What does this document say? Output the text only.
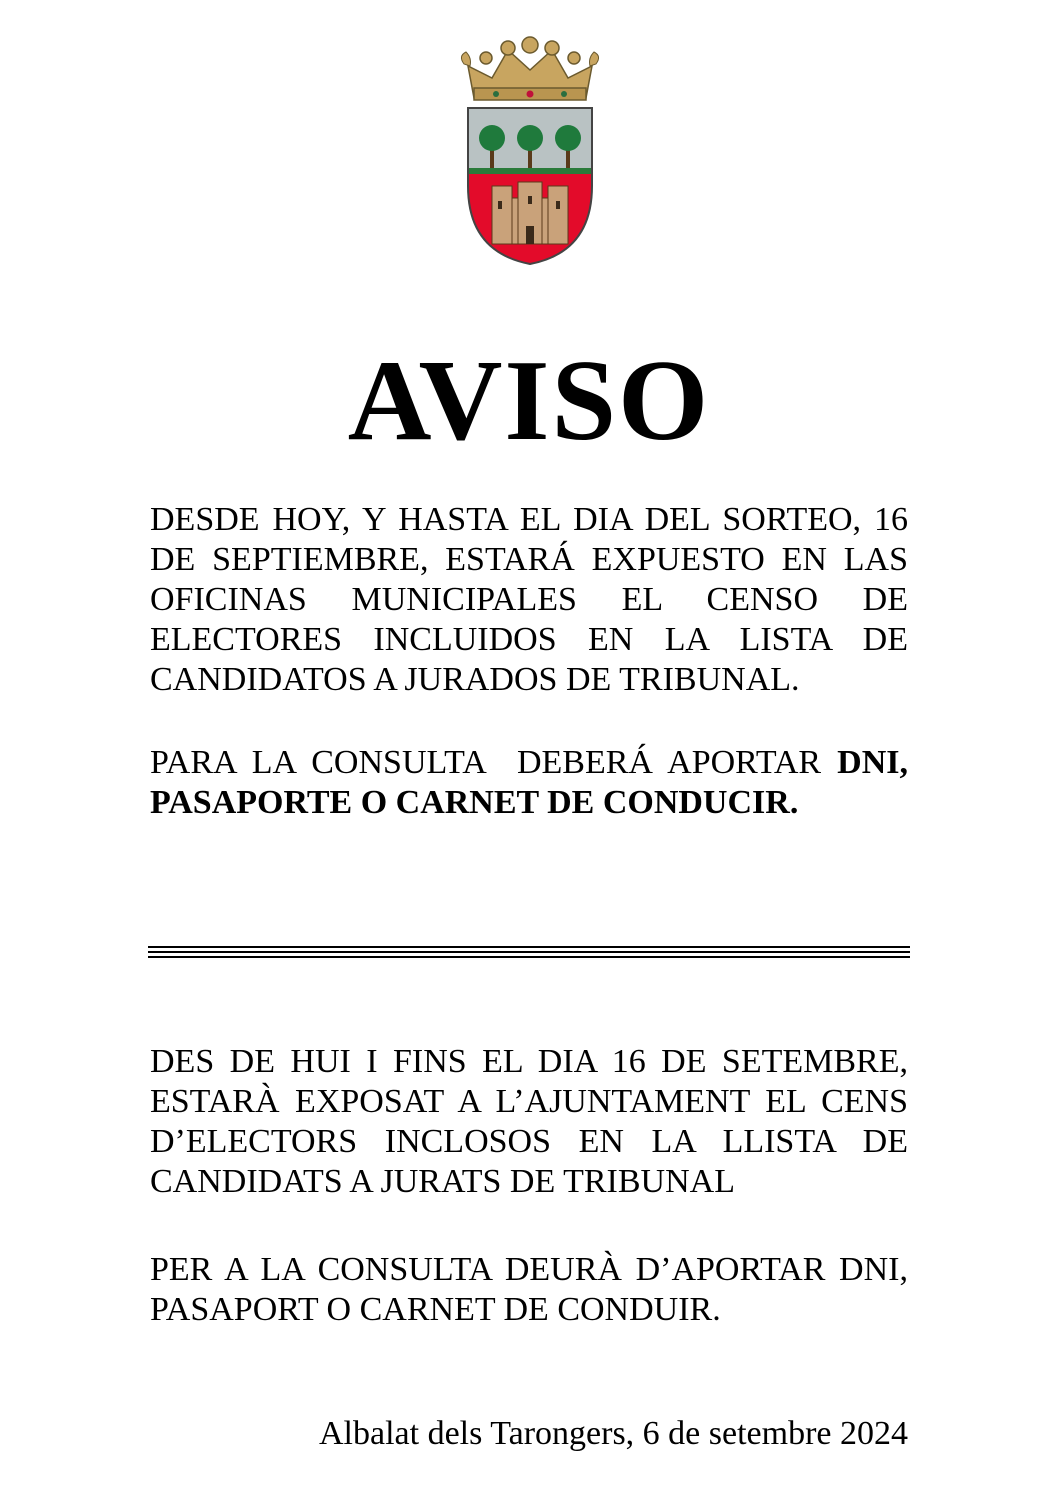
AVISO

DESDE HOY, Y HASTA EL DIA DEL SORTEO, 16 DE SEPTIEMBRE, ESTARÁ EXPUESTO EN LAS OFICINAS MUNICIPALES EL CENSO DE ELECTORES INCLUIDOS EN LA LISTA DE CANDIDATOS A JURADOS DE TRIBUNAL.

PARA LA CONSULTA  DEBERÁ APORTAR DNI, PASAPORTE O CARNET DE CONDUCIR.

DES DE HUI I FINS EL DIA 16 DE SETEMBRE, ESTARÀ EXPOSAT A L’AJUNTAMENT EL CENS D’ELECTORS INCLOSOS EN LA LLISTA DE CANDIDATS A JURATS DE TRIBUNAL

PER A LA CONSULTA DEURÀ D’APORTAR DNI, PASAPORT O CARNET DE CONDUIR.

Albalat dels Tarongers, 6 de setembre 2024
